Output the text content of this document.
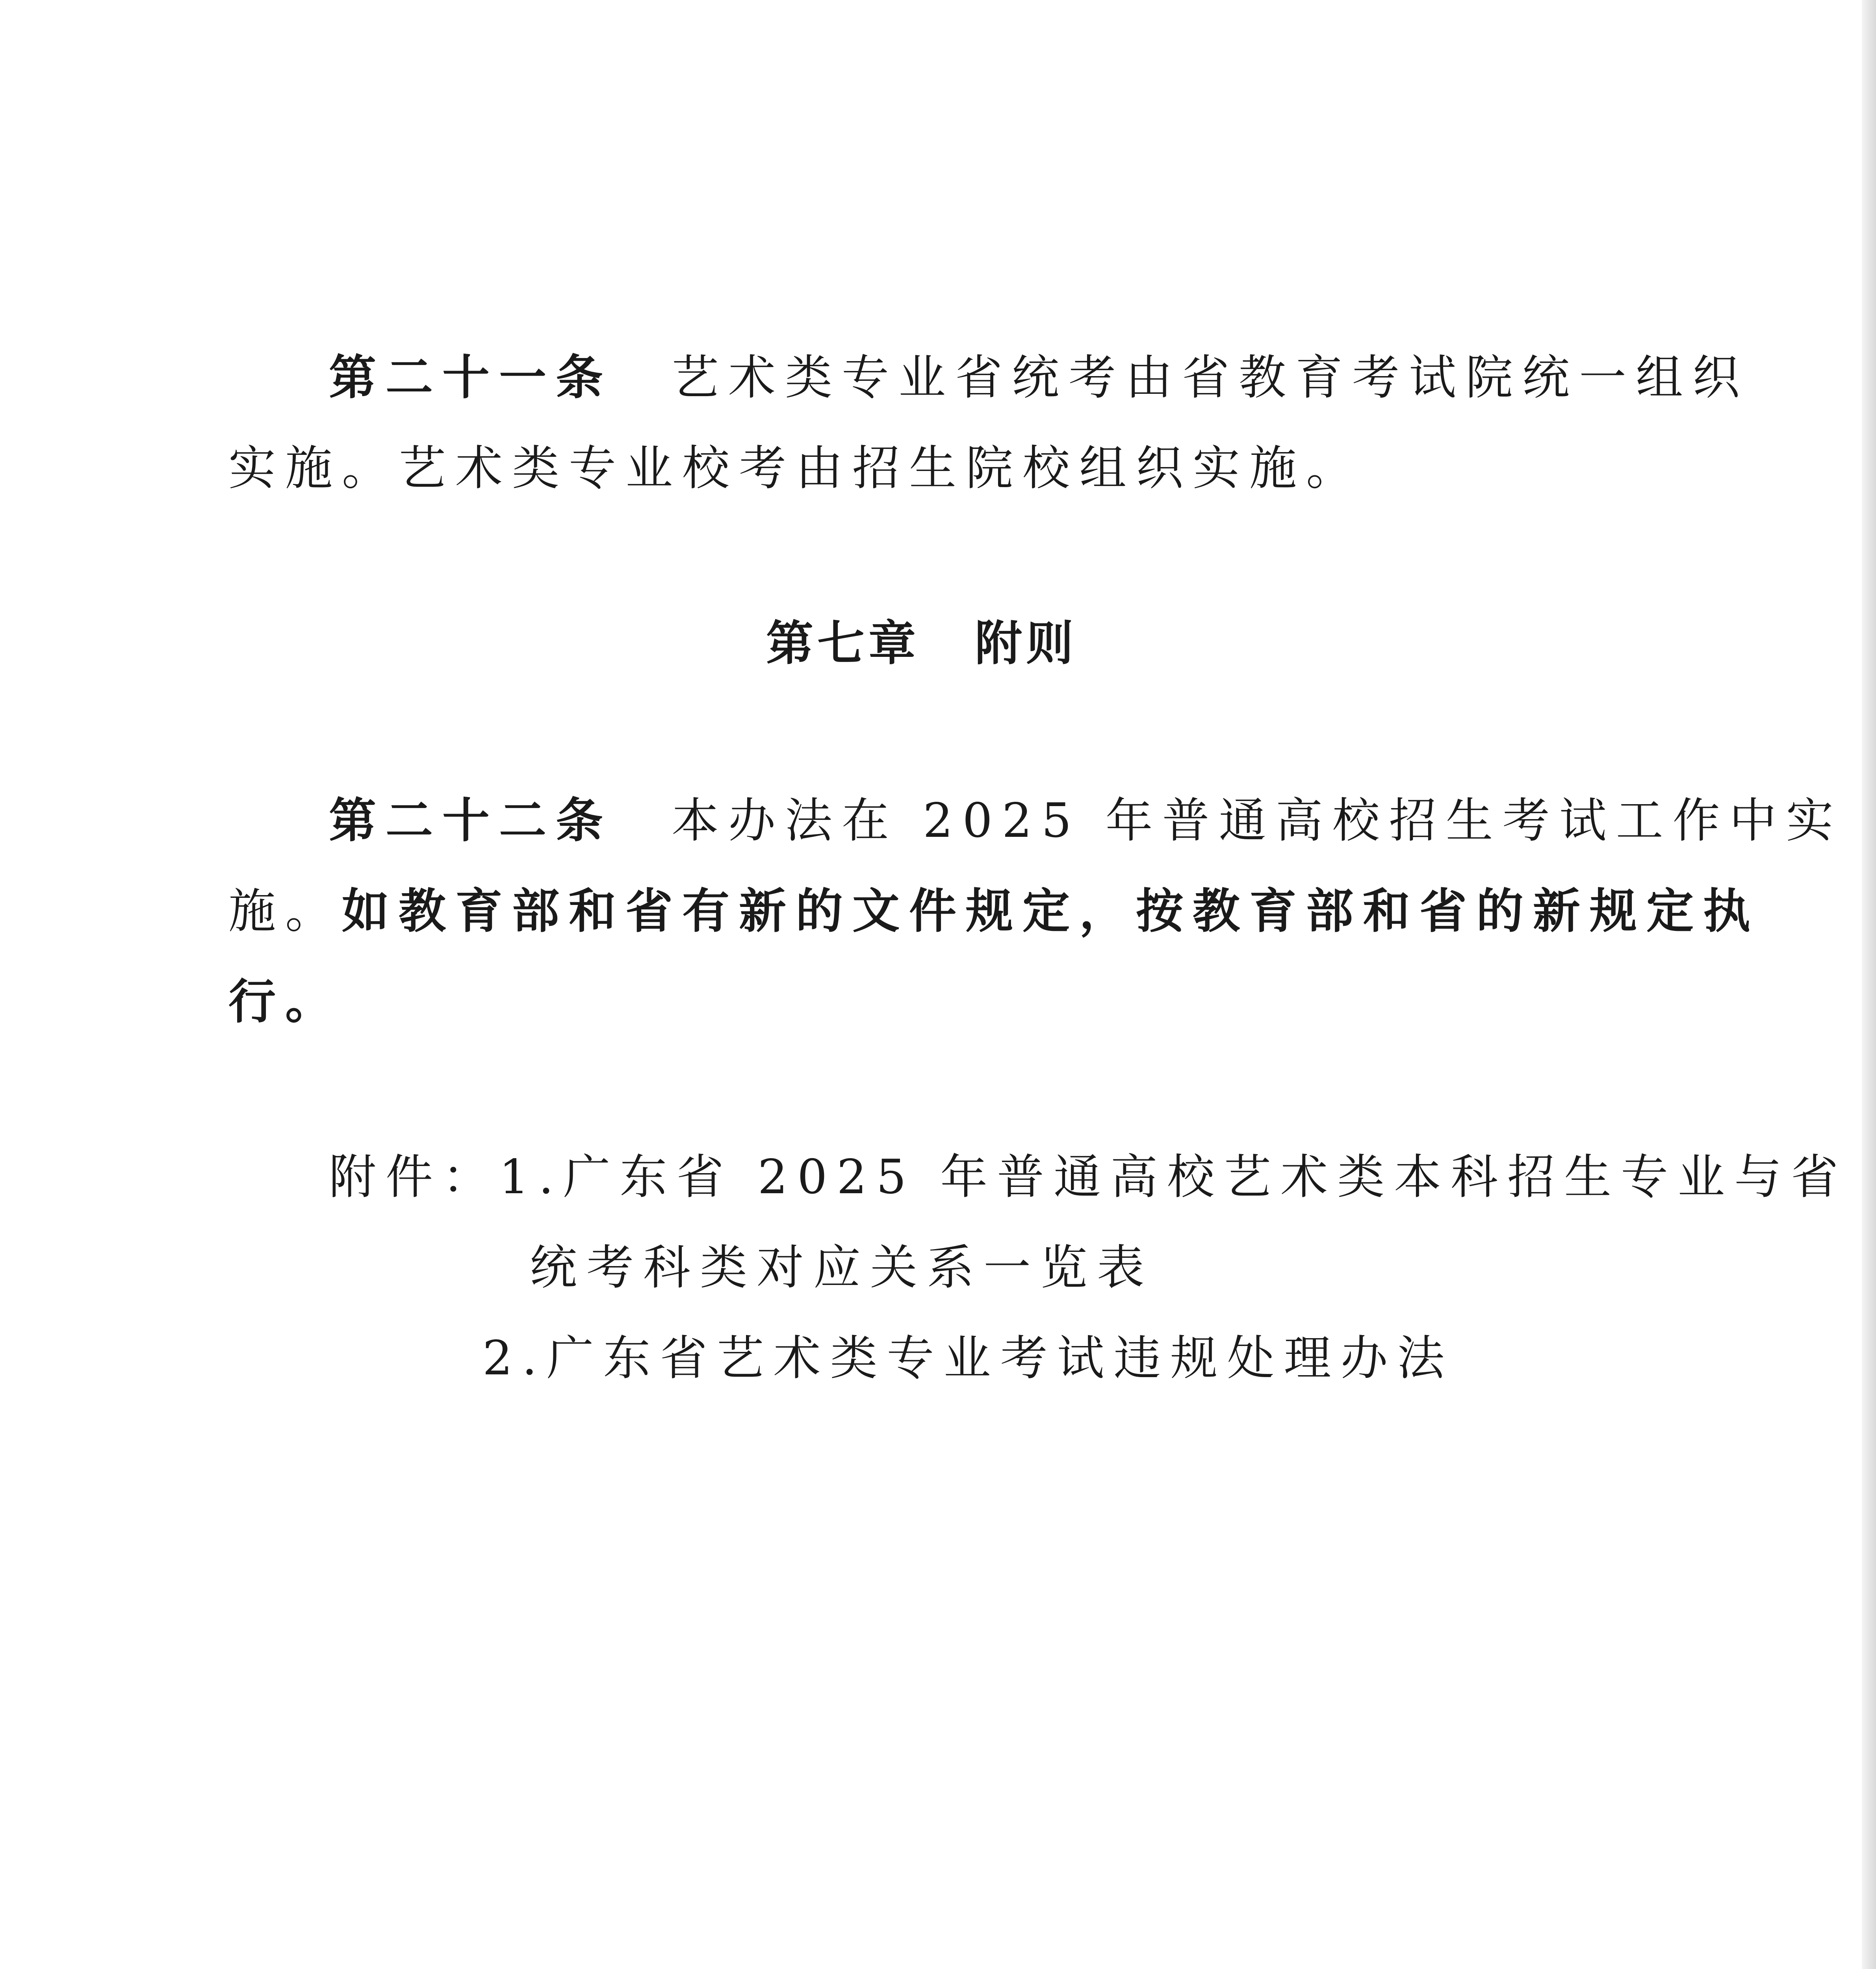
第二十一条 艺术类专业省统考由省教育考试院统一组织
实施。艺术类专业校考由招生院校组织实施。
第七章 附则
第二十二条 本办法在 2025 年普通高校招生考试工作中实
施。如教育部和省有新的文件规定，按教育部和省的新规定执
行。
附件：1.广东省 2025 年普通高校艺术类本科招生专业与省
统考科类对应关系一览表
2.广东省艺术类专业考试违规处理办法
